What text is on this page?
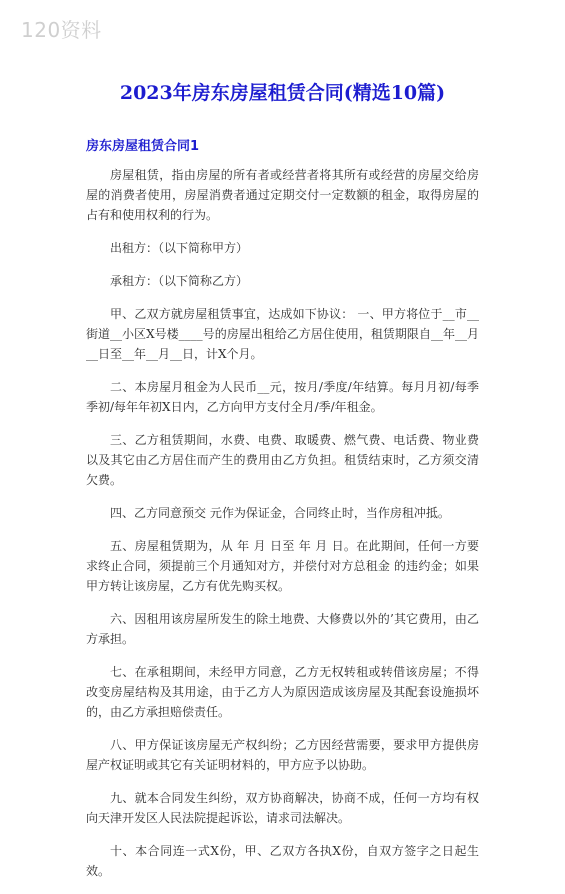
120资料
2023年房东房屋租赁合同(精选10篇)
房东房屋租赁合同1

房屋租赁，指由房屋的所有者或经营者将其所有或经营的房屋交给房屋的消费者使用，房屋消费者通过定期交付一定数额的租金，取得房屋的占有和使用权利的行为。

出租方：（以下简称甲方）

承租方：（以下简称乙方）

甲、乙双方就房屋租赁事宜，达成如下协议： 一、甲方将位于__市__街道__小区X号楼____号的房屋出租给乙方居住使用，租赁期限自__年__月__日至__年__月__日，计X个月。

二、本房屋月租金为人民币__元，按月/季度/年结算。每月月初/每季季初/每年年初X日内，乙方向甲方支付全月/季/年租金。

三、乙方租赁期间，水费、电费、取暖费、燃气费、电话费、物业费以及其它由乙方居住而产生的费用由乙方负担。租赁结束时，乙方须交清欠费。

四、乙方同意预交 元作为保证金，合同终止时，当作房租冲抵。

五、房屋租赁期为，从 年 月 日至 年 月 日。在此期间，任何一方要求终止合同，须提前三个月通知对方，并偿付对方总租金 的违约金；如果甲方转让该房屋，乙方有优先购买权。

六、因租用该房屋所发生的除土地费、大修费以外的’其它费用，由乙方承担。

七、在承租期间，未经甲方同意，乙方无权转租或转借该房屋；不得改变房屋结构及其用途，由于乙方人为原因造成该房屋及其配套设施损坏的，由乙方承担赔偿责任。

八、甲方保证该房屋无产权纠纷；乙方因经营需要，要求甲方提供房屋产权证明或其它有关证明材料的，甲方应予以协助。

九、就本合同发生纠纷，双方协商解决，协商不成，任何一方均有权向天津开发区人民法院提起诉讼，请求司法解决。

十、本合同连一式X份，甲、乙双方各执X份，自双方签字之日起生效。
